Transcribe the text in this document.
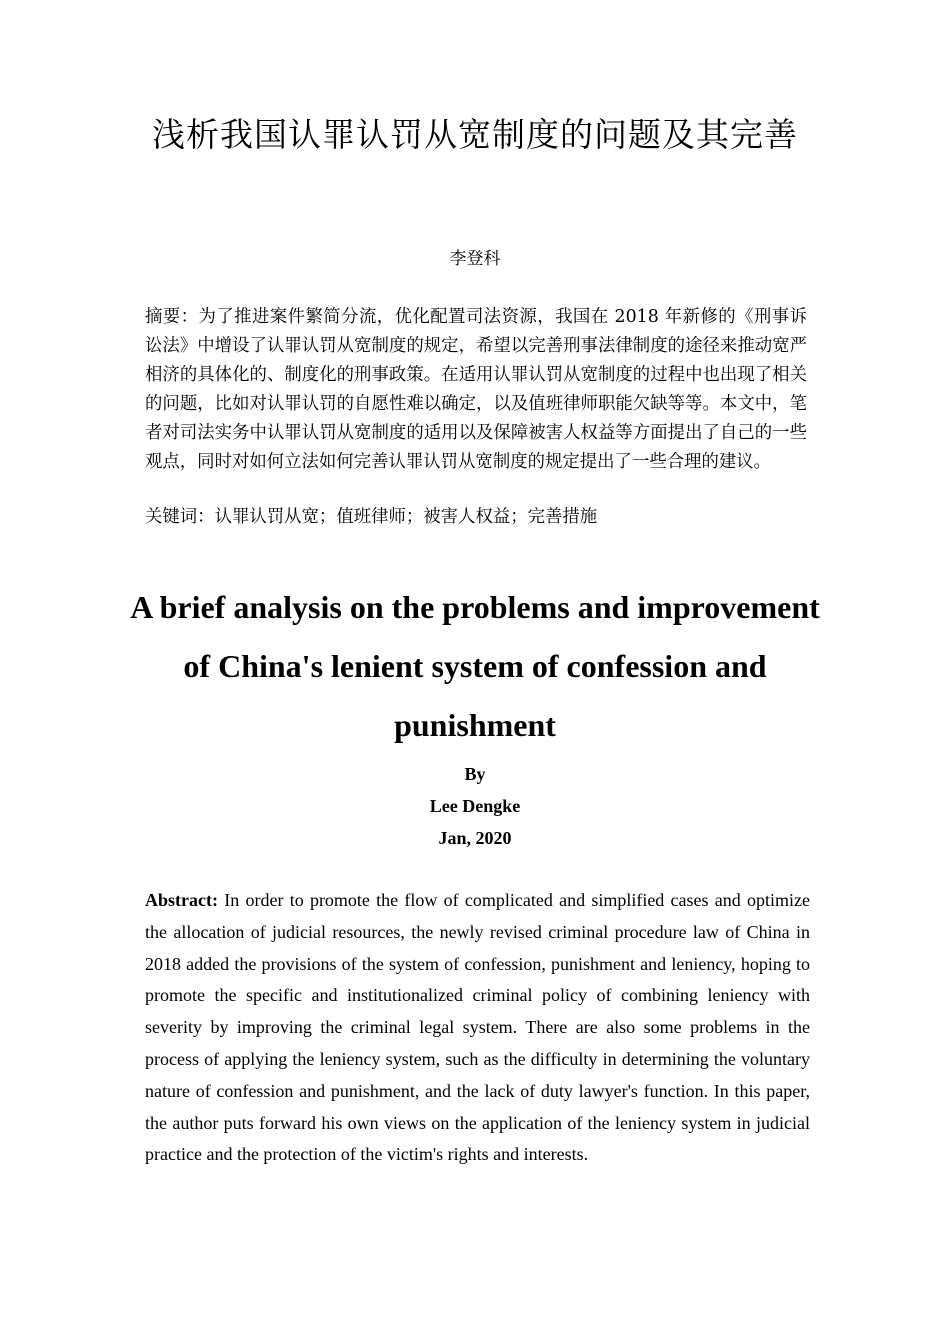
浅析我国认罪认罚从宽制度的问题及其完善
李登科
摘要：为了推进案件繁简分流，优化配置司法资源，我国在 2018 年新修的《刑事诉讼法》中增设了认罪认罚从宽制度的规定，希望以完善刑事法律制度的途径来推动宽严相济的具体化的、制度化的刑事政策。在适用认罪认罚从宽制度的过程中也出现了相关的问题，比如对认罪认罚的自愿性难以确定，以及值班律师职能欠缺等等。本文中，笔者对司法实务中认罪认罚从宽制度的适用以及保障被害人权益等方面提出了自己的一些观点，同时对如何立法如何完善认罪认罚从宽制度的规定提出了一些合理的建议。
关键词：认罪认罚从宽；值班律师；被害人权益；完善措施
A brief analysis on the problems and improvement of China's lenient system of confession and punishment
By
Lee Dengke
Jan, 2020
Abstract: In order to promote the flow of complicated and simplified cases and optimize the allocation of judicial resources, the newly revised criminal procedure law of China in 2018 added the provisions of the system of confession, punishment and leniency, hoping to promote the specific and institutionalized criminal policy of combining leniency with severity by improving the criminal legal system. There are also some problems in the process of applying the leniency system, such as the difficulty in determining the voluntary nature of confession and punishment, and the lack of duty lawyer's function. In this paper, the author puts forward his own views on the application of the leniency system in judicial practice and the protection of the victim's rights and interests.
